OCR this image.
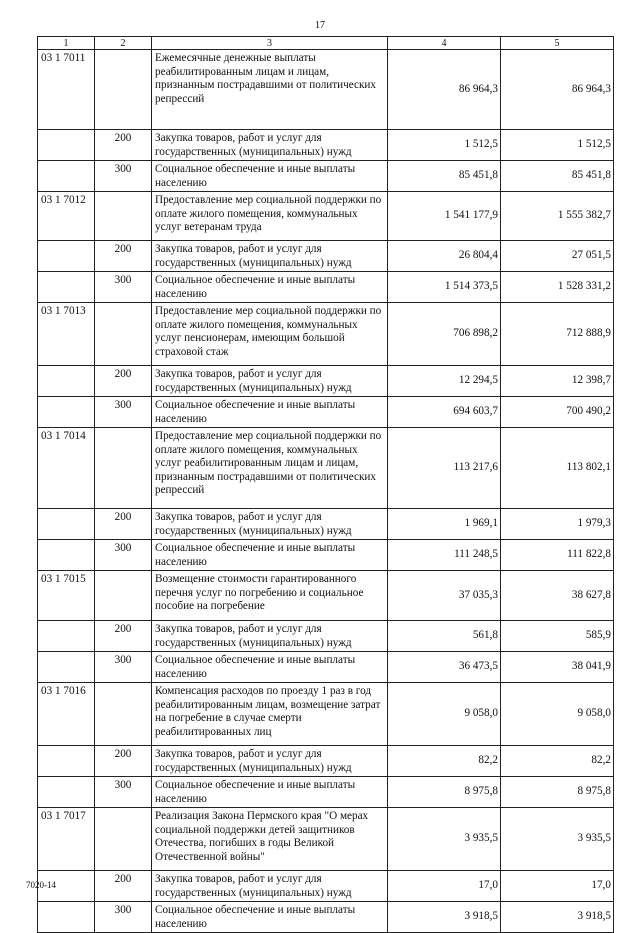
17
1	2	3	4	5
03 1 7011		Ежемесячные денежные выплаты реабилитированным лицам и лицам, признанным пострадавшими от политических репрессий	86 964,3	86 964,3
	200	Закупка товаров, работ и услуг для государственных (муниципальных) нужд	1 512,5	1 512,5
	300	Социальное обеспечение и иные выплаты населению	85 451,8	85 451,8
03 1 7012		Предоставление мер социальной поддержки по оплате жилого помещения, коммунальных услуг ветеранам труда	1 541 177,9	1 555 382,7
	200	Закупка товаров, работ и услуг для государственных (муниципальных) нужд	26 804,4	27 051,5
	300	Социальное обеспечение и иные выплаты населению	1 514 373,5	1 528 331,2
03 1 7013		Предоставление мер социальной поддержки по оплате жилого помещения, коммунальных услуг пенсионерам, имеющим большой страховой стаж	706 898,2	712 888,9
	200	Закупка товаров, работ и услуг для государственных (муниципальных) нужд	12 294,5	12 398,7
	300	Социальное обеспечение и иные выплаты населению	694 603,7	700 490,2
03 1 7014		Предоставление мер социальной поддержки по оплате жилого помещения, коммунальных услуг реабилитированным лицам и лицам, признанным пострадавшими от политических репрессий	113 217,6	113 802,1
	200	Закупка товаров, работ и услуг для государственных (муниципальных) нужд	1 969,1	1 979,3
	300	Социальное обеспечение и иные выплаты населению	111 248,5	111 822,8
03 1 7015		Возмещение стоимости гарантированного перечня услуг по погребению и социальное пособие на погребение	37 035,3	38 627,8
	200	Закупка товаров, работ и услуг для государственных (муниципальных) нужд	561,8	585,9
	300	Социальное обеспечение и иные выплаты населению	36 473,5	38 041,9
03 1 7016		Компенсация расходов по проезду 1 раз в год реабилитированным лицам, возмещение затрат на погребение в случае смерти реабилитированных лиц	9 058,0	9 058,0
	200	Закупка товаров, работ и услуг для государственных (муниципальных) нужд	82,2	82,2
	300	Социальное обеспечение и иные выплаты населению	8 975,8	8 975,8
03 1 7017		Реализация Закона Пермского края "О мерах социальной поддержки детей защитников Отечества, погибших в годы Великой Отечественной войны"	3 935,5	3 935,5
	200	Закупка товаров, работ и услуг для государственных (муниципальных) нужд	17,0	17,0
	300	Социальное обеспечение и иные выплаты населению	3 918,5	3 918,5
7020-14
